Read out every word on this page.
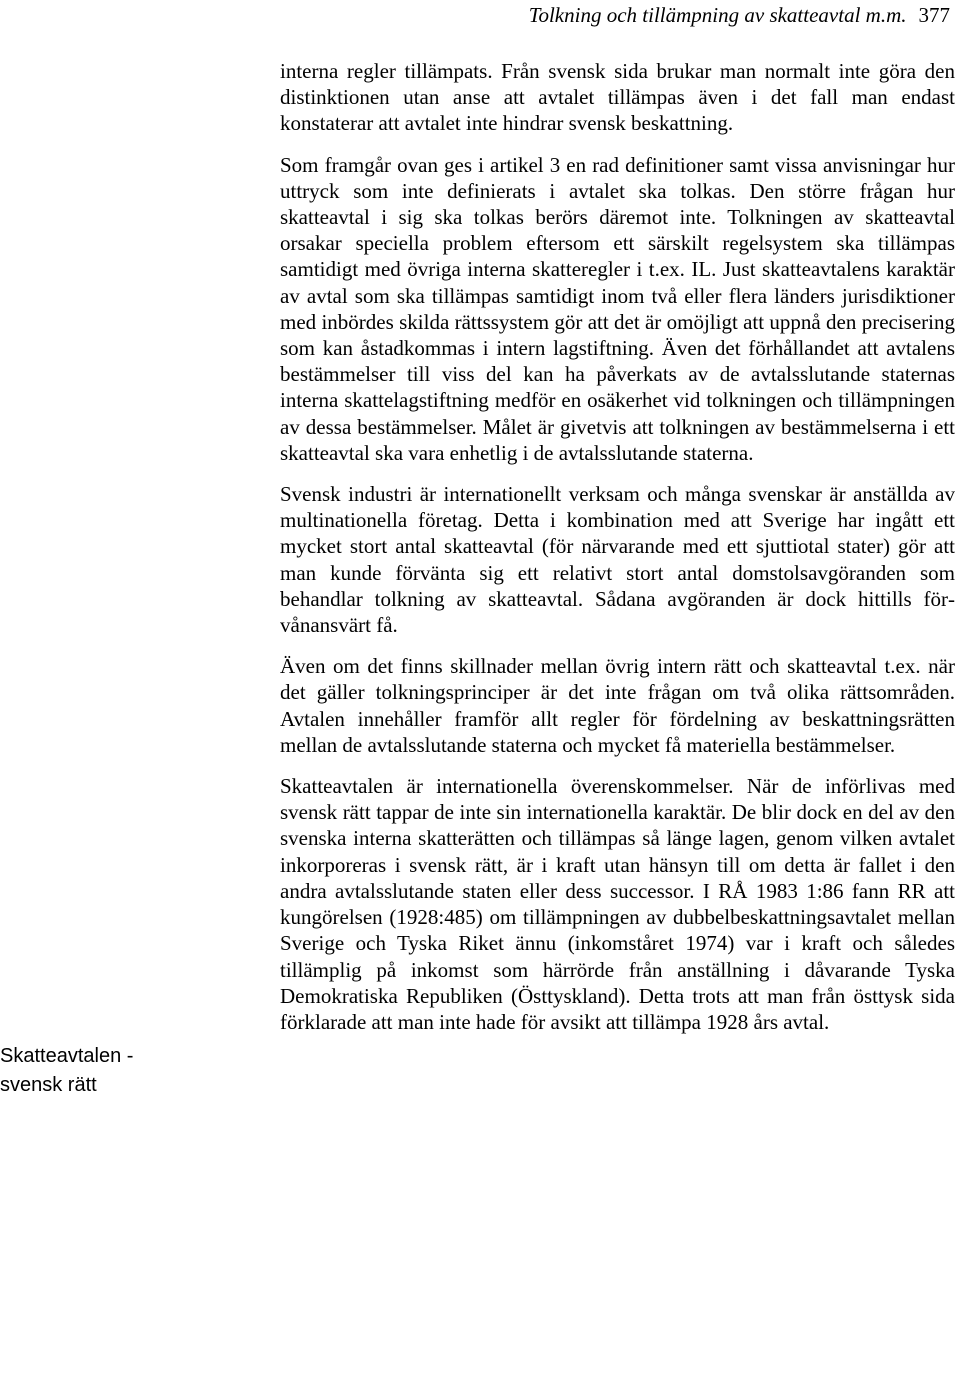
Tolkning och tillämpning av skatteavtal m.m. 377
Skatteavtalen - svensk rätt

interna regler tillämpats. Från svensk sida brukar man normalt inte göra den distinktionen utan anse att avtalet tillämpas även i det fall man endast konstaterar att avtalet inte hindrar svensk beskattning.

Som framgår ovan ges i artikel 3 en rad definitioner samt vissa anvisningar hur uttryck som inte definierats i avtalet ska tolkas. Den större frågan hur skatteavtal i sig ska tolkas berörs däremot inte. Tolkningen av skatteavtal orsakar speciella problem eftersom ett särskilt regelsystem ska tillämpas samtidigt med övriga interna skatteregler i t.ex. IL. Just skatteavtalens karaktär av avtal som ska tillämpas samtidigt inom två eller flera länders jurisdiktioner med inbördes skilda rättssystem gör att det är omöjligt att uppnå den precisering som kan åstadkommas i intern lagstiftning. Även det förhållandet att avtalens bestämmelser till viss del kan ha påverkats av de avtalsslutande staternas interna skattelagstiftning medför en osäkerhet vid tolkningen och tillämpningen av dessa bestämmelser. Målet är givetvis att tolkningen av bestämmelserna i ett skatteavtal ska vara enhetlig i de avtalsslutande staterna.

Svensk industri är internationellt verksam och många svenskar är anställda av multinationella företag. Detta i kombination med att Sverige har ingått ett mycket stort antal skatteavtal (för närvarande med ett sjuttiotal stater) gör att man kunde förvänta sig ett relativt stort antal domstolsavgöranden som behandlar tolkning av skatteavtal. Sådana avgöranden är dock hittills förvånansvärt få.

Även om det finns skillnader mellan övrig intern rätt och skatteavtal t.ex. när det gäller tolkningsprinciper är det inte frågan om två olika rättsområden. Avtalen innehåller framför allt regler för fördelning av beskattningsrätten mellan de avtalsslutande staterna och mycket få materiella bestämmelser.

Skatteavtalen är internationella överenskommelser. När de införlivas med svensk rätt tappar de inte sin internationella karaktär. De blir dock en del av den svenska interna skatterätten och tillämpas så länge lagen, genom vilken avtalet inkorporeras i svensk rätt, är i kraft utan hänsyn till om detta är fallet i den andra avtalsslutande staten eller dess successor. I RÅ 1983 1:86 fann RR att kungörelsen (1928:485) om tillämpningen av dubbelbeskattningsavtalet mellan Sverige och Tyska Riket ännu (inkomståret 1974) var i kraft och således tillämplig på inkomst som härrörde från anställning i dåvarande Tyska Demokratiska Republiken (Östtyskland). Detta trots att man från östtysk sida förklarade att man inte hade för avsikt att tillämpa 1928 års avtal.
